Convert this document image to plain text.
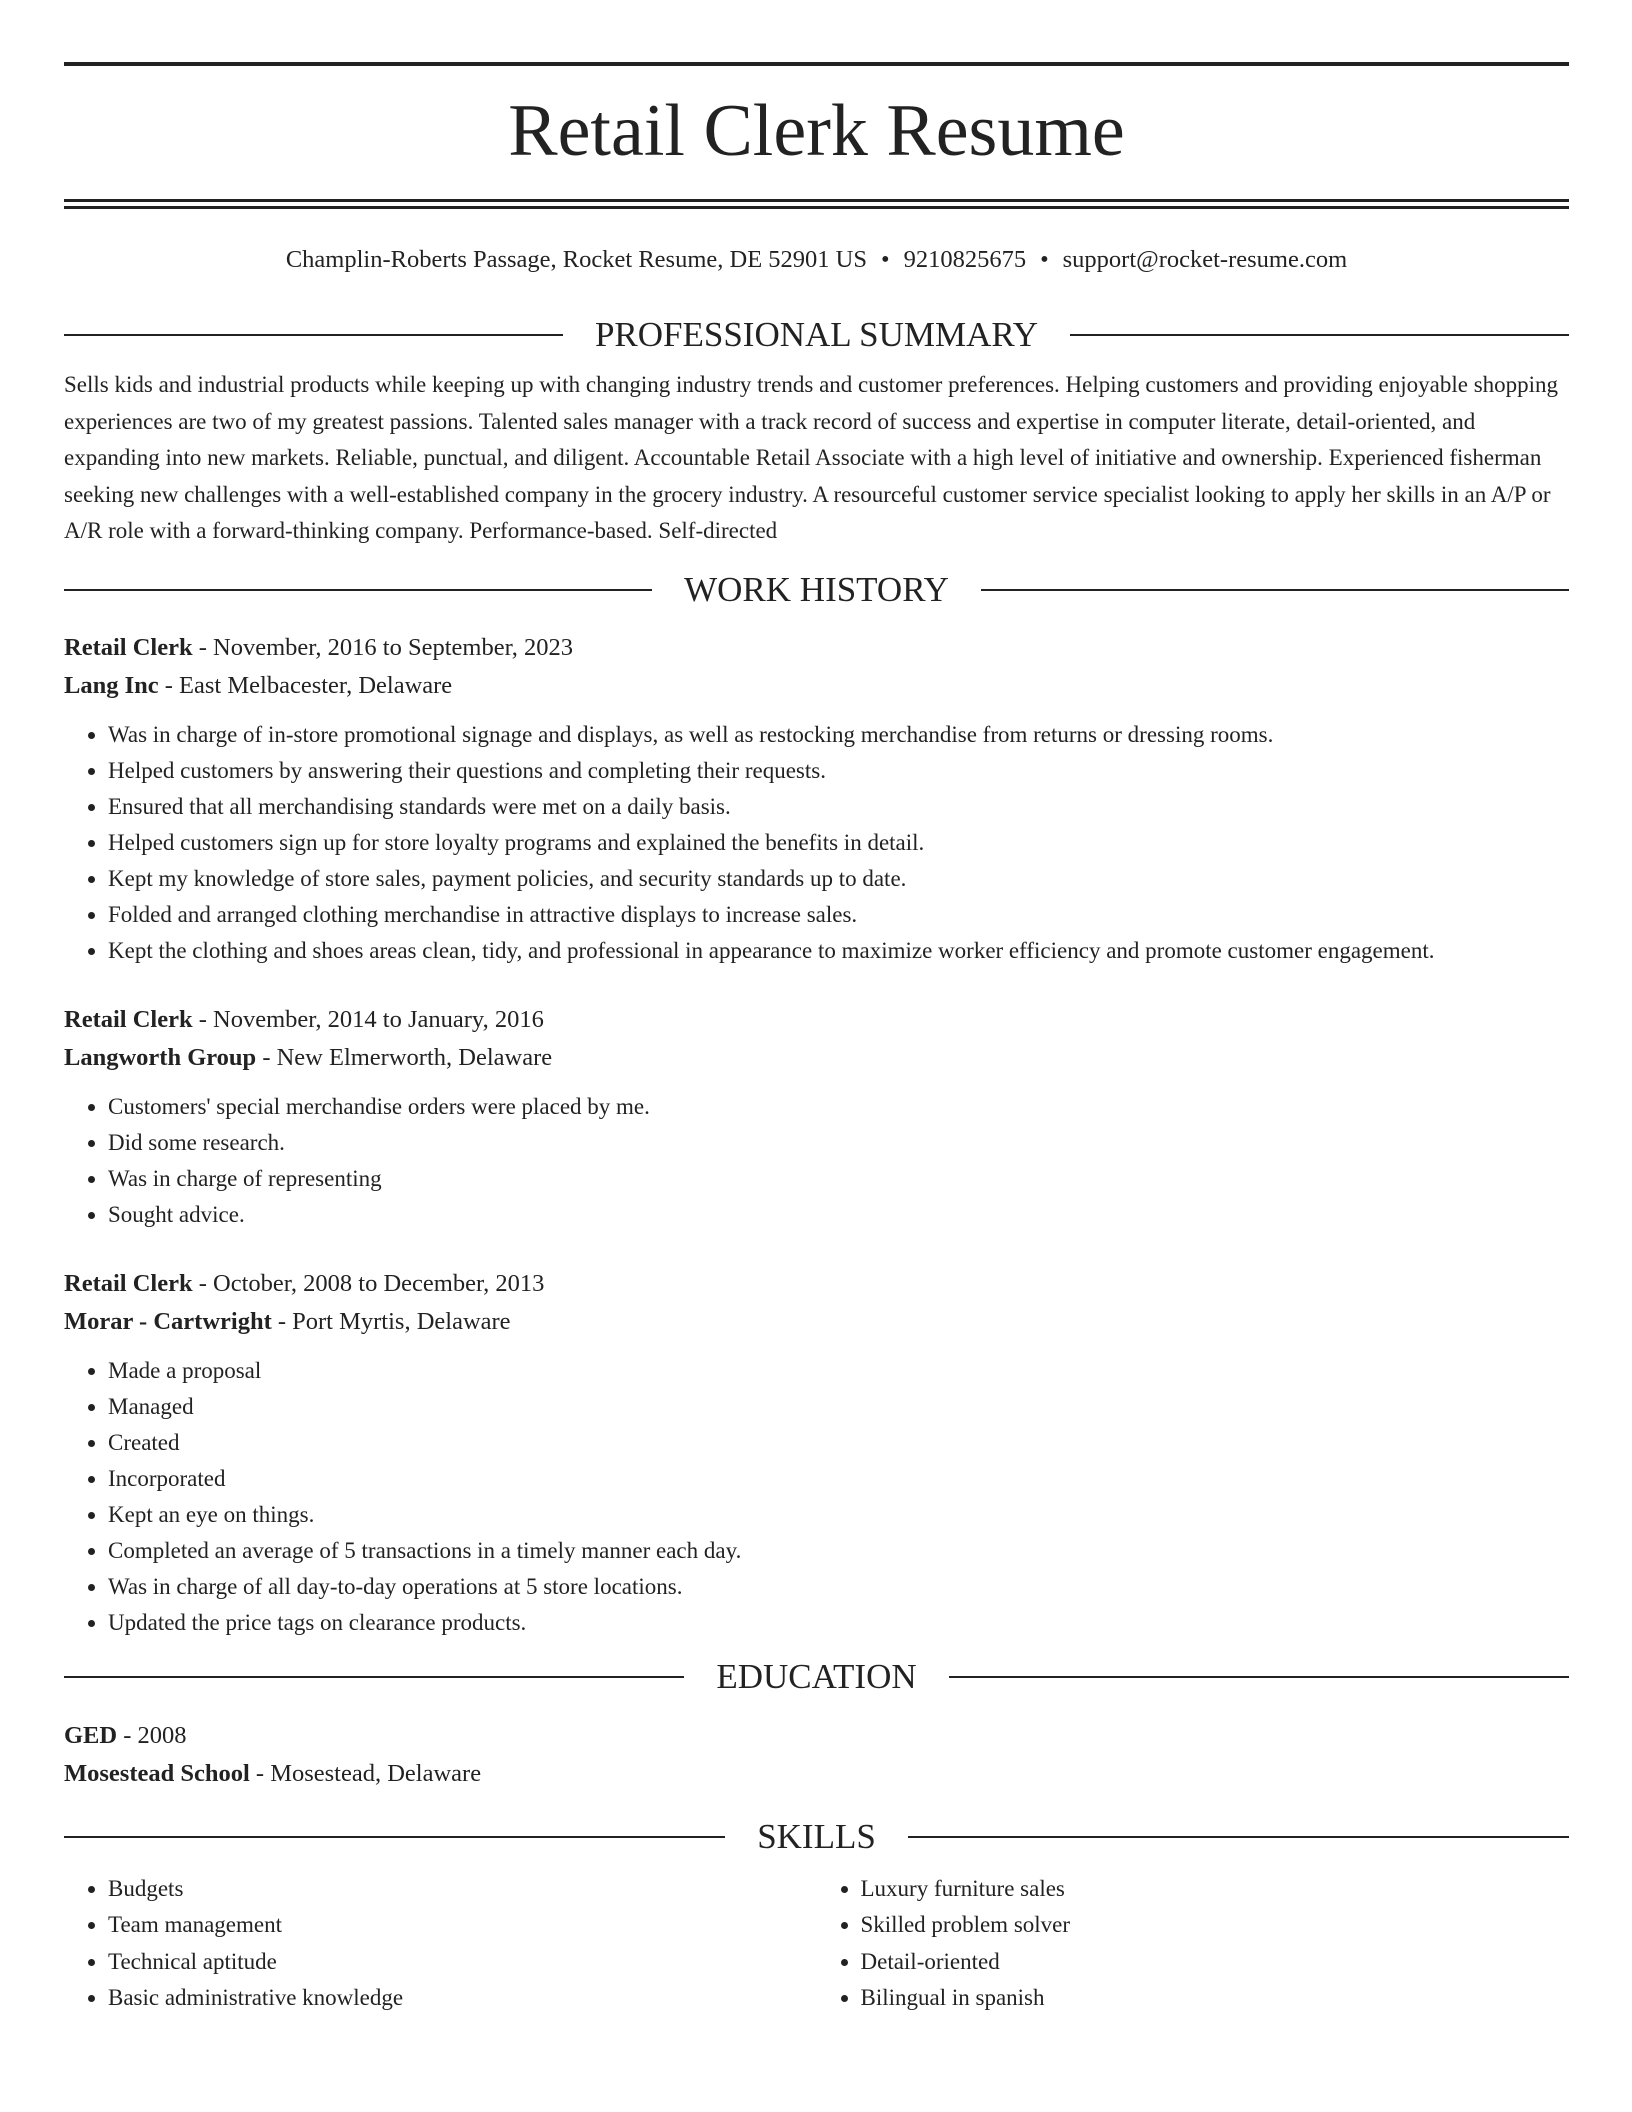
Retail Clerk Resume
Champlin-Roberts Passage, Rocket Resume, DE 52901 US • 9210825675 • support@rocket-resume.com
PROFESSIONAL SUMMARY

Sells kids and industrial products while keeping up with changing industry trends and customer preferences. Helping customers and providing enjoyable shopping experiences are two of my greatest passions. Talented sales manager with a track record of success and expertise in computer literate, detail-oriented, and expanding into new markets. Reliable, punctual, and diligent. Accountable Retail Associate with a high level of initiative and ownership. Experienced fisherman seeking new challenges with a well-established company in the grocery industry. A resourceful customer service specialist looking to apply her skills in an A/P or A/R role with a forward-thinking company. Performance-based. Self-directed

WORK HISTORY
Retail Clerk - November, 2016 to September, 2023
Lang Inc - East Melbacester, Delaware
• Was in charge of in-store promotional signage and displays, as well as restocking merchandise from returns or dressing rooms.
• Helped customers by answering their questions and completing their requests.
• Ensured that all merchandising standards were met on a daily basis.
• Helped customers sign up for store loyalty programs and explained the benefits in detail.
• Kept my knowledge of store sales, payment policies, and security standards up to date.
• Folded and arranged clothing merchandise in attractive displays to increase sales.
• Kept the clothing and shoes areas clean, tidy, and professional in appearance to maximize worker efficiency and promote customer engagement.
Retail Clerk - November, 2014 to January, 2016
Langworth Group - New Elmerworth, Delaware
• Customers' special merchandise orders were placed by me.
• Did some research.
• Was in charge of representing
• Sought advice.
Retail Clerk - October, 2008 to December, 2013
Morar - Cartwright - Port Myrtis, Delaware
• Made a proposal
• Managed
• Created
• Incorporated
• Kept an eye on things.
• Completed an average of 5 transactions in a timely manner each day.
• Was in charge of all day-to-day operations at 5 store locations.
• Updated the price tags on clearance products.
EDUCATION
GED - 2008
Mosestead School - Mosestead, Delaware
SKILLS
• Budgets
• Team management
• Technical aptitude
• Basic administrative knowledge
• Luxury furniture sales
• Skilled problem solver
• Detail-oriented
• Bilingual in spanish
